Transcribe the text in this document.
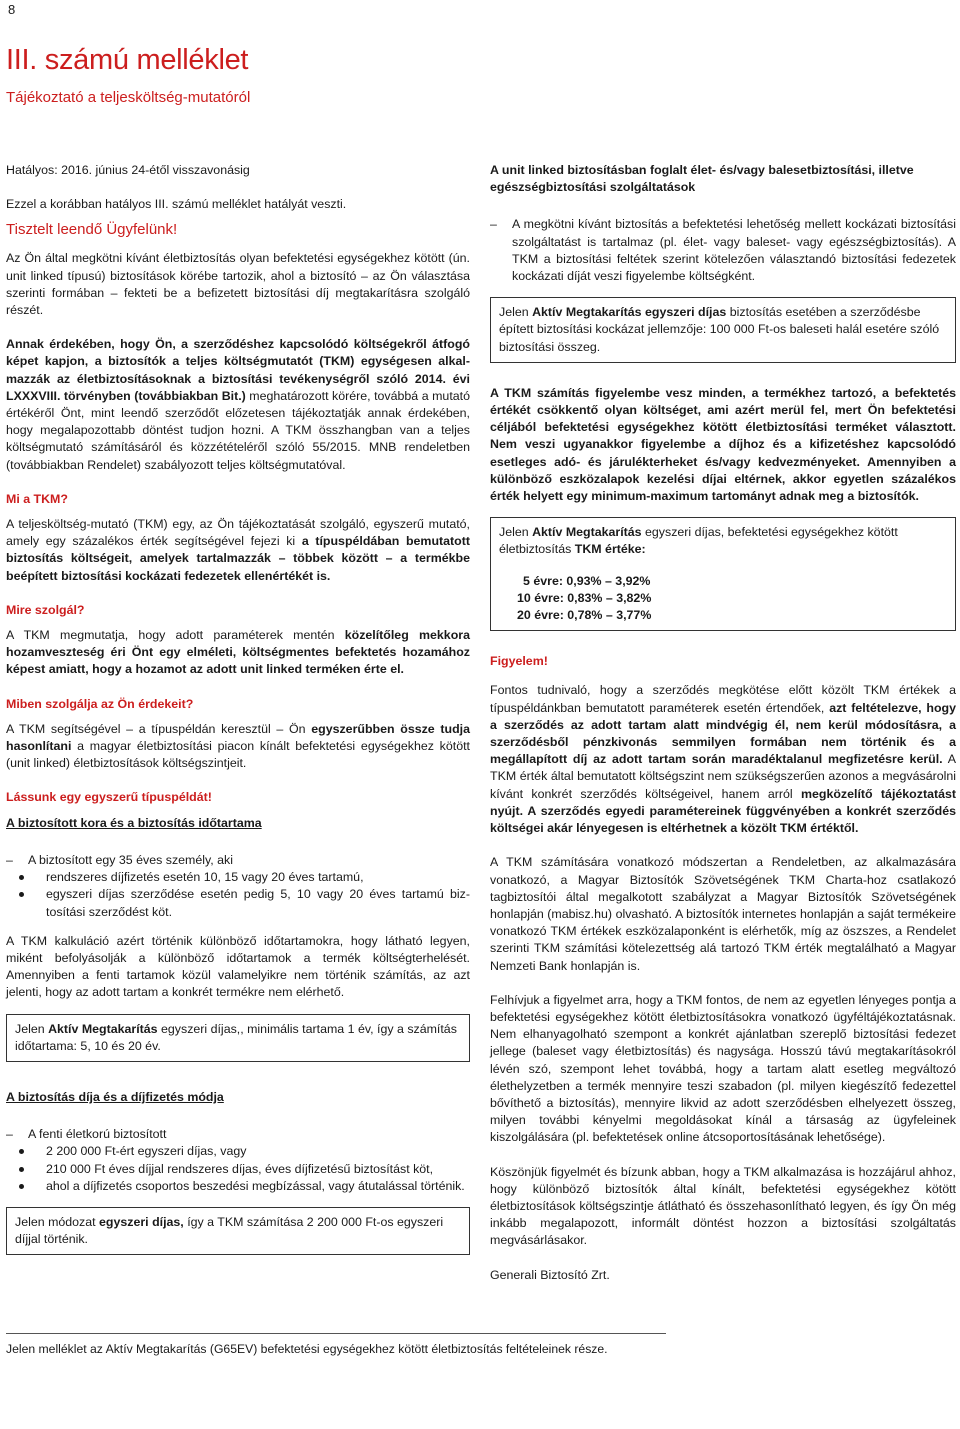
8
III. számú melléklet
Tájékoztató a teljesköltség-mutatóról

Hatályos: 2016. június 24-étől visszavonásig

Ezzel a korábban hatályos III. számú melléklet hatályát veszti.

Tisztelt leendő Ügyfelünk!

Az Ön által megkötni kívánt életbiztosítás olyan befektetési egységekhez kötött (ún. unit linked típusú) biztosítások körébe tartozik, ahol a biztosító – az Ön választása szerinti formában – fekteti be a befizetett biztosítási díj megtakarításra szolgáló részét.

Annak érdekében, hogy Ön, a szerződéshez kapcsolódó költségekről átfogó képet kapjon, a biztosítók a teljes költségmutatót (TKM) egységesen alkalmazzák az életbiztosításoknak a biztosítási tevékenységről szóló 2014. évi LXXXVIII. törvényben (továbbiakban Bit.) meghatározott körére, továbbá a mutató értékéről Önt, mint leendő szerződőt előzetesen tájékoztatják annak érdekében, hogy megalapozottabb döntést tudjon hozni. A TKM összhangban van a teljes költségmutató számításáról és közzétételéről szóló 55/2015. MNB rendeletben (továbbiakban Rendelet) szabályozott teljes költségmutatóval.

Mi a TKM?

A teljesköltség-mutató (TKM) egy, az Ön tájékoztatását szolgáló, egyszerű mutató, amely egy százalékos érték segítségével fejezi ki a típuspéldában bemutatott biztosítás költségeit, amelyek tartalmazzák – többek között – a termékbe beépített biztosítási kockázati fedezetek ellenértékét is.

Mire szolgál?

A TKM megmutatja, hogy adott paraméterek mentén közelítőleg mekkora hozamveszteség éri Önt egy elméleti, költségmentes befektetés hozamához képest amiatt, hogy a hozamot az adott unit linked terméken érte el.

Miben szolgálja az Ön érdekeit?

A TKM segítségével – a típuspéldán keresztül – Ön egyszerűbben össze tudja hasonlítani a magyar életbiztosítási piacon kínált befektetési egységekhez kötött (unit linked) életbiztosítások költségszintjeit.

Lássunk egy egyszerű típuspéldát!

A biztosított kora és a biztosítás időtartama

– A biztosított egy 35 éves személy, aki
rendszeres díjfizetés esetén 10, 15 vagy 20 éves tartamú,
egyszeri díjas szerződése esetén pedig 5, 10 vagy 20 éves tartamú biztosítási szerződést köt.

A TKM kalkuláció azért történik különböző időtartamokra, hogy látható legyen, miként befolyásolják a különböző időtartamok a termék költségterhelését. Amennyiben a fenti tartamok közül valamelyikre nem történik számítás, az azt jelenti, hogy az adott tartam a konkrét termékre nem elérhető.

Jelen Aktív Megtakarítás egyszeri díjas,, minimális tartama 1 év, így a számítás időtartama: 5, 10 és 20 év.

A biztosítás díja és a díjfizetés módja

– A fenti életkorú biztosított
2 200 000 Ft-ért egyszeri díjas, vagy
210 000 Ft éves díjjal rendszeres díjas, éves díjfizetésű biztosítást köt,
ahol a díjfizetés csoportos beszedési megbízással, vagy átutalással történik.
Jelen módozat egyszeri díjas, így a TKM számítása 2 200 000 Ft-os egyszeri díjjal történik.

A unit linked biztosításban foglalt élet- és/vagy balesetbiztosítási, illetve egészségbiztosítási szolgáltatások

– A megkötni kívánt biztosítás a befektetési lehetőség mellett kockázati biztosítási szolgáltatást is tartalmaz (pl. élet- vagy baleset- vagy egészségbiztosítás). A TKM a biztosítási feltétek szerint kötelezően választandó biztosítási fedezetek kockázati díját veszi figyelembe költségként.
Jelen Aktív Megtakarítás egyszeri díjas biztosítás esetében a szerződésbe épített biztosítási kockázat jellemzője: 100 000 Ft-os baleseti halál esetére szóló biztosítási összeg.

A TKM számítás figyelembe vesz minden, a termékhez tartozó, a befektetés értékét csökkentő olyan költséget, ami azért merül fel, mert Ön befektetési céljából befektetési egységekhez kötött életbiztosítási terméket választott. Nem veszi ugyanakkor figyelembe a díjhoz és a kifizetéshez kapcsolódó esetleges adó- és járulékterheket és/vagy kedvezményeket. Amennyiben a különböző eszközalapok kezelési díjai eltérnek, akkor egyetlen százalékos érték helyett egy minimum-maximum tartományt adnak meg a biztosítók.

Jelen Aktív Megtakarítás egyszeri díjas, befektetési egységekhez kötött életbiztosítás TKM értéke:
5 évre: 0,93% – 3,92%
10 évre: 0,83% – 3,82%
20 évre: 0,78% – 3,77%

Figyelem!

Fontos tudnivaló, hogy a szerződés megkötése előtt közölt TKM értékek a típuspéldánkban bemutatott paraméterek esetén értendőek, azt feltételezve, hogy a szerződés az adott tartam alatt mindvégig él, nem kerül módosításra, a szerződésből pénzkivonás semmilyen formában nem történik és a megállapított díj az adott tartam során maradéktalanul megfizetésre kerül. A TKM érték által bemutatott költségszint nem szükségszerűen azonos a megvásárolni kívánt konkrét szerződés költségeivel, hanem arról megközelítő tájékoztatást nyújt. A szerződés egyedi paramétereinek függvényében a konkrét szerződés költségei akár lényegesen is eltérhetnek a közölt TKM értéktől.

A TKM számítására vonatkozó módszertan a Rendeletben, az alkalmazására vonatkozó, a Magyar Biztosítók Szövetségének TKM Charta-hoz csatlakozó tagbiztosítói által megalkotott szabályzat a Magyar Biztosítók Szövetségének honlapján (mabisz.hu) olvasható. A biztosítók internetes honlapján a saját termékeire vonatkozó TKM értékek eszközalaponként is elérhetők, míg az öszszes, a Rendelet szerinti TKM számítási kötelezettség alá tartozó TKM érték megtalálható a Magyar Nemzeti Bank honlapján is.

Felhívjuk a figyelmet arra, hogy a TKM fontos, de nem az egyetlen lényeges pontja a befektetési egységekhez kötött életbiztosításokra vonatkozó ügyféltájékoztatásnak. Nem elhanyagolható szempont a konkrét ajánlatban szereplő biztosítási fedezet jellege (baleset vagy életbiztosítás) és nagysága. Hosszú távú megtakarításokról lévén szó, szempont lehet továbbá, hogy a tartam alatt esetleg megváltozó élethelyzetben a termék mennyire teszi szabadon (pl. milyen kiegészítő fedezettel bővíthető a biztosítás), mennyire likvid az adott szerződésben elhelyezett összeg, milyen további kényelmi megoldásokat kínál a társaság az ügyfeleinek kiszolgálására (pl. befektetések online átcsoportosításának lehetősége).

Köszönjük figyelmét és bízunk abban, hogy a TKM alkalmazása is hozzájárul ahhoz, hogy különböző biztosítók által kínált, befektetési egységekhez kötött életbiztosítások költségszintje átlátható és összehasonlítható legyen, és így Ön még inkább megalapozott, informált döntést hozzon a biztosítási szolgáltatás megvásárlásakor.

Generali Biztosító Zrt.

Jelen melléklet az Aktív Megtakarítás (G65EV) befektetési egységekhez kötött életbiztosítás feltételeinek része.
